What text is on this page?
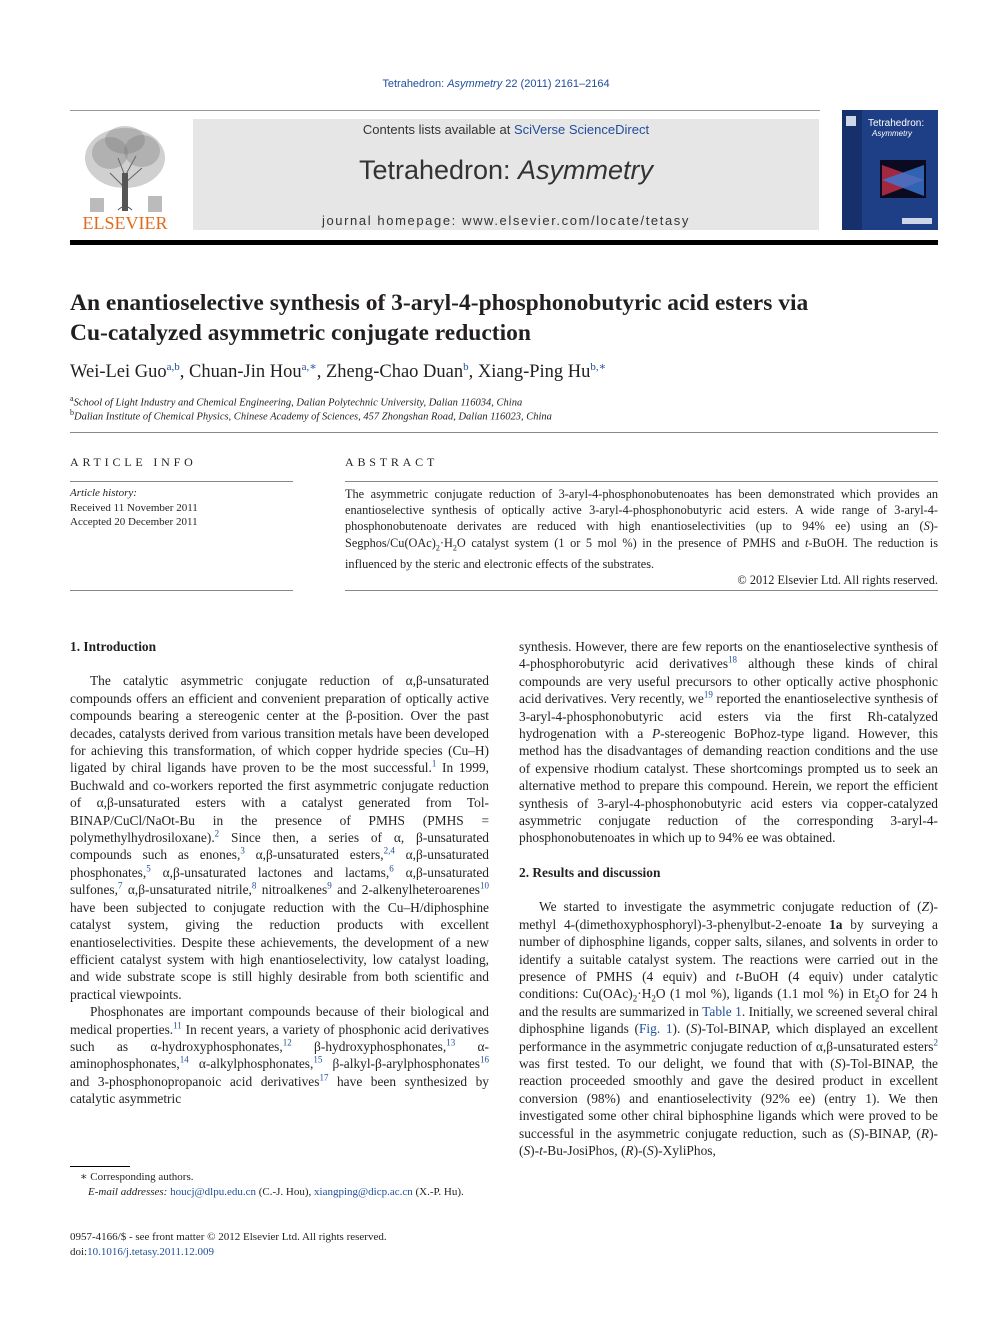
Tetrahedron: Asymmetry 22 (2011) 2161–2164
ELSEVIER
Contents lists available at SciVerse ScienceDirect
Tetrahedron: Asymmetry
journal homepage: www.elsevier.com/locate/tetasy
Tetrahedron:
Asymmetry
An enantioselective synthesis of 3-aryl-4-phosphonobutyric acid esters via
Cu-catalyzed asymmetric conjugate reduction
Wei-Lei Guo$^{a,b}$, Chuan-Jin Hou$^{a,∗}$, Zheng-Chao Duan$^b$, Xiang-Ping $Hu^{b,∗}$
$^a$School of Light Industry and Chemical Engineering, Dalian Polytechnic University, Dalian 116034, China
$^b$Dalian Institute of Chemical Physics, Chinese Academy of Sciences, 457 Zhongshan Road, Dalian 116023, China
ARTICLE INFO	ABSTRACT
Article history:
Received 11 November 2011
Accepted 20 December 2011
The asymmetric conjugate reduction of 3-aryl-4-phosphonobutenoates has been demonstrated which provides an enantioselective synthesis of optically active 3-aryl-4-phosphonobutyric acid esters. A wide range of 3-aryl-4-phosphonobutenoate derivates are reduced with high enantioselectivities (up to 94% ee) using an $(S)-Segphos/Cu(OAc)_2\cdot H_2O$ catalyst system (1 or 5 mol %) in the presence of PMHS and t-BuOH. The reduction is influenced by the steric and electronic effects of the substrates.
© 2012 Elsevier Ltd. All rights reserved.

1. Introduction

The catalytic asymmetric conjugate reduction of α,β-unsaturated compounds offers an efficient and convenient preparation of optically active compounds bearing a stereogenic center at the β-position. Over the past decades, catalysts derived from various transition metals have been developed for achieving this transformation, of which copper hydride species (Cu–H) ligated by chiral ligands have proven to be the most successful.$^1$ In 1999, Buchwald and co-workers reported the first asymmetric conjugate reduction of α,β-unsaturated esters with a catalyst generated from Tol-BINAP/CuCl/NaOt-Bu in the presence of PMHS (PMHS = polymethylhydrosiloxane).$^2$ Since then, a series of α, β-unsaturated compounds such as enones,$^3$ α,β-unsaturated esters,$^{2,4}$ α,β-unsaturated phosphonates,$^5$ α,β-unsaturated lactones and lactams,$^6$ α,β-unsaturated sulfones,$^7$ α,β-unsaturated nitrile,$^8$ nitroalkenes$^9$ and 2-alkenylheteroarenes$^{10}$ have been subjected to conjugate reduction with the Cu–H/diphosphine catalyst system, giving the reduction products with excellent enantioselectivities. Despite these achievements, the development of a new efficient catalyst system with high enantioselectivity, low catalyst loading, and wide substrate scope is still highly desirable from both scientific and practical viewpoints.

Phosphonates are important compounds because of their biological and medical properties.$^{11}$ In recent years, a variety of phosphonic acid derivatives such as α-hydroxyphosphonates,$^{12}$ β-hydroxyphosphonates,$^{13}$ α-aminophosphonates,$^{14}$ α-alkylphosphonates,$^{15}$ β-alkyl-β-arylphosphonates$^{16}$ and 3-phosphonopropanoic acid derivatives$^{17}$ have been synthesized by catalytic asymmetric

synthesis. However, there are few reports on the enantioselective synthesis of 4-phosphorobutyric acid derivatives$^{18}$ although these kinds of chiral compounds are very useful precursors to other optically active phosphonic acid derivatives. Very recently, $we^{19}$ reported the enantioselective synthesis of 3-aryl-4-phosphonobutyric acid esters via the first Rh-catalyzed hydrogenation with a P-stereogenic BoPhoz-type ligand. However, this method has the disadvantages of demanding reaction conditions and the use of expensive rhodium catalyst. These shortcomings prompted us to seek an alternative method to prepare this compound. Herein, we report the efficient synthesis of 3-aryl-4-phosphonobutyric acid esters via copper-catalyzed asymmetric conjugate reduction of the corresponding 3-aryl-4-phosphonobutenoates in which up to 94% ee was obtained.

2. Results and discussion

We started to investigate the asymmetric conjugate reduction of (Z)-methyl 4-(dimethoxyphosphoryl)-3-phenylbut-2-enoate 1a by surveying a number of diphosphine ligands, copper salts, silanes, and solvents in order to identify a suitable catalyst system. The reactions were carried out in the presence of PMHS (4 equiv) and t-BuOH (4 equiv) under catalytic conditions: $Cu(OAc)_2\cdot H_2O$ (1 mol %), ligands (1.1 mol %) in $Et_2O$ for 24 h and the results are summarized in Table 1. Initially, we screened several chiral diphosphine ligands (Fig. 1). (S)-Tol-BINAP, which displayed an excellent performance in the asymmetric conjugate reduction of α,β-unsaturated esters$^2$ was first tested. To our delight, we found that with (S)-Tol-BINAP, the reaction proceeded smoothly and gave the desired product in excellent conversion (98%) and enantioselectivity (92% ee) (entry 1). We then investigated some other chiral biphosphine ligands which were proved to be successful in the asymmetric conjugate reduction, such as (S)-BINAP, (R)-(S)-t-Bu-JosiPhos, (R)-(S)-XyliPhos,

∗ Corresponding authors.
E-mail addresses: houcj@dlpu.edu.cn (C.-J. Hou), xiangping@dicp.ac.cn (X.-P. Hu).
0957-4166/$ - see front matter © 2012 Elsevier Ltd. All rights reserved.
doi:10.1016/j.tetasy.2011.12.009
